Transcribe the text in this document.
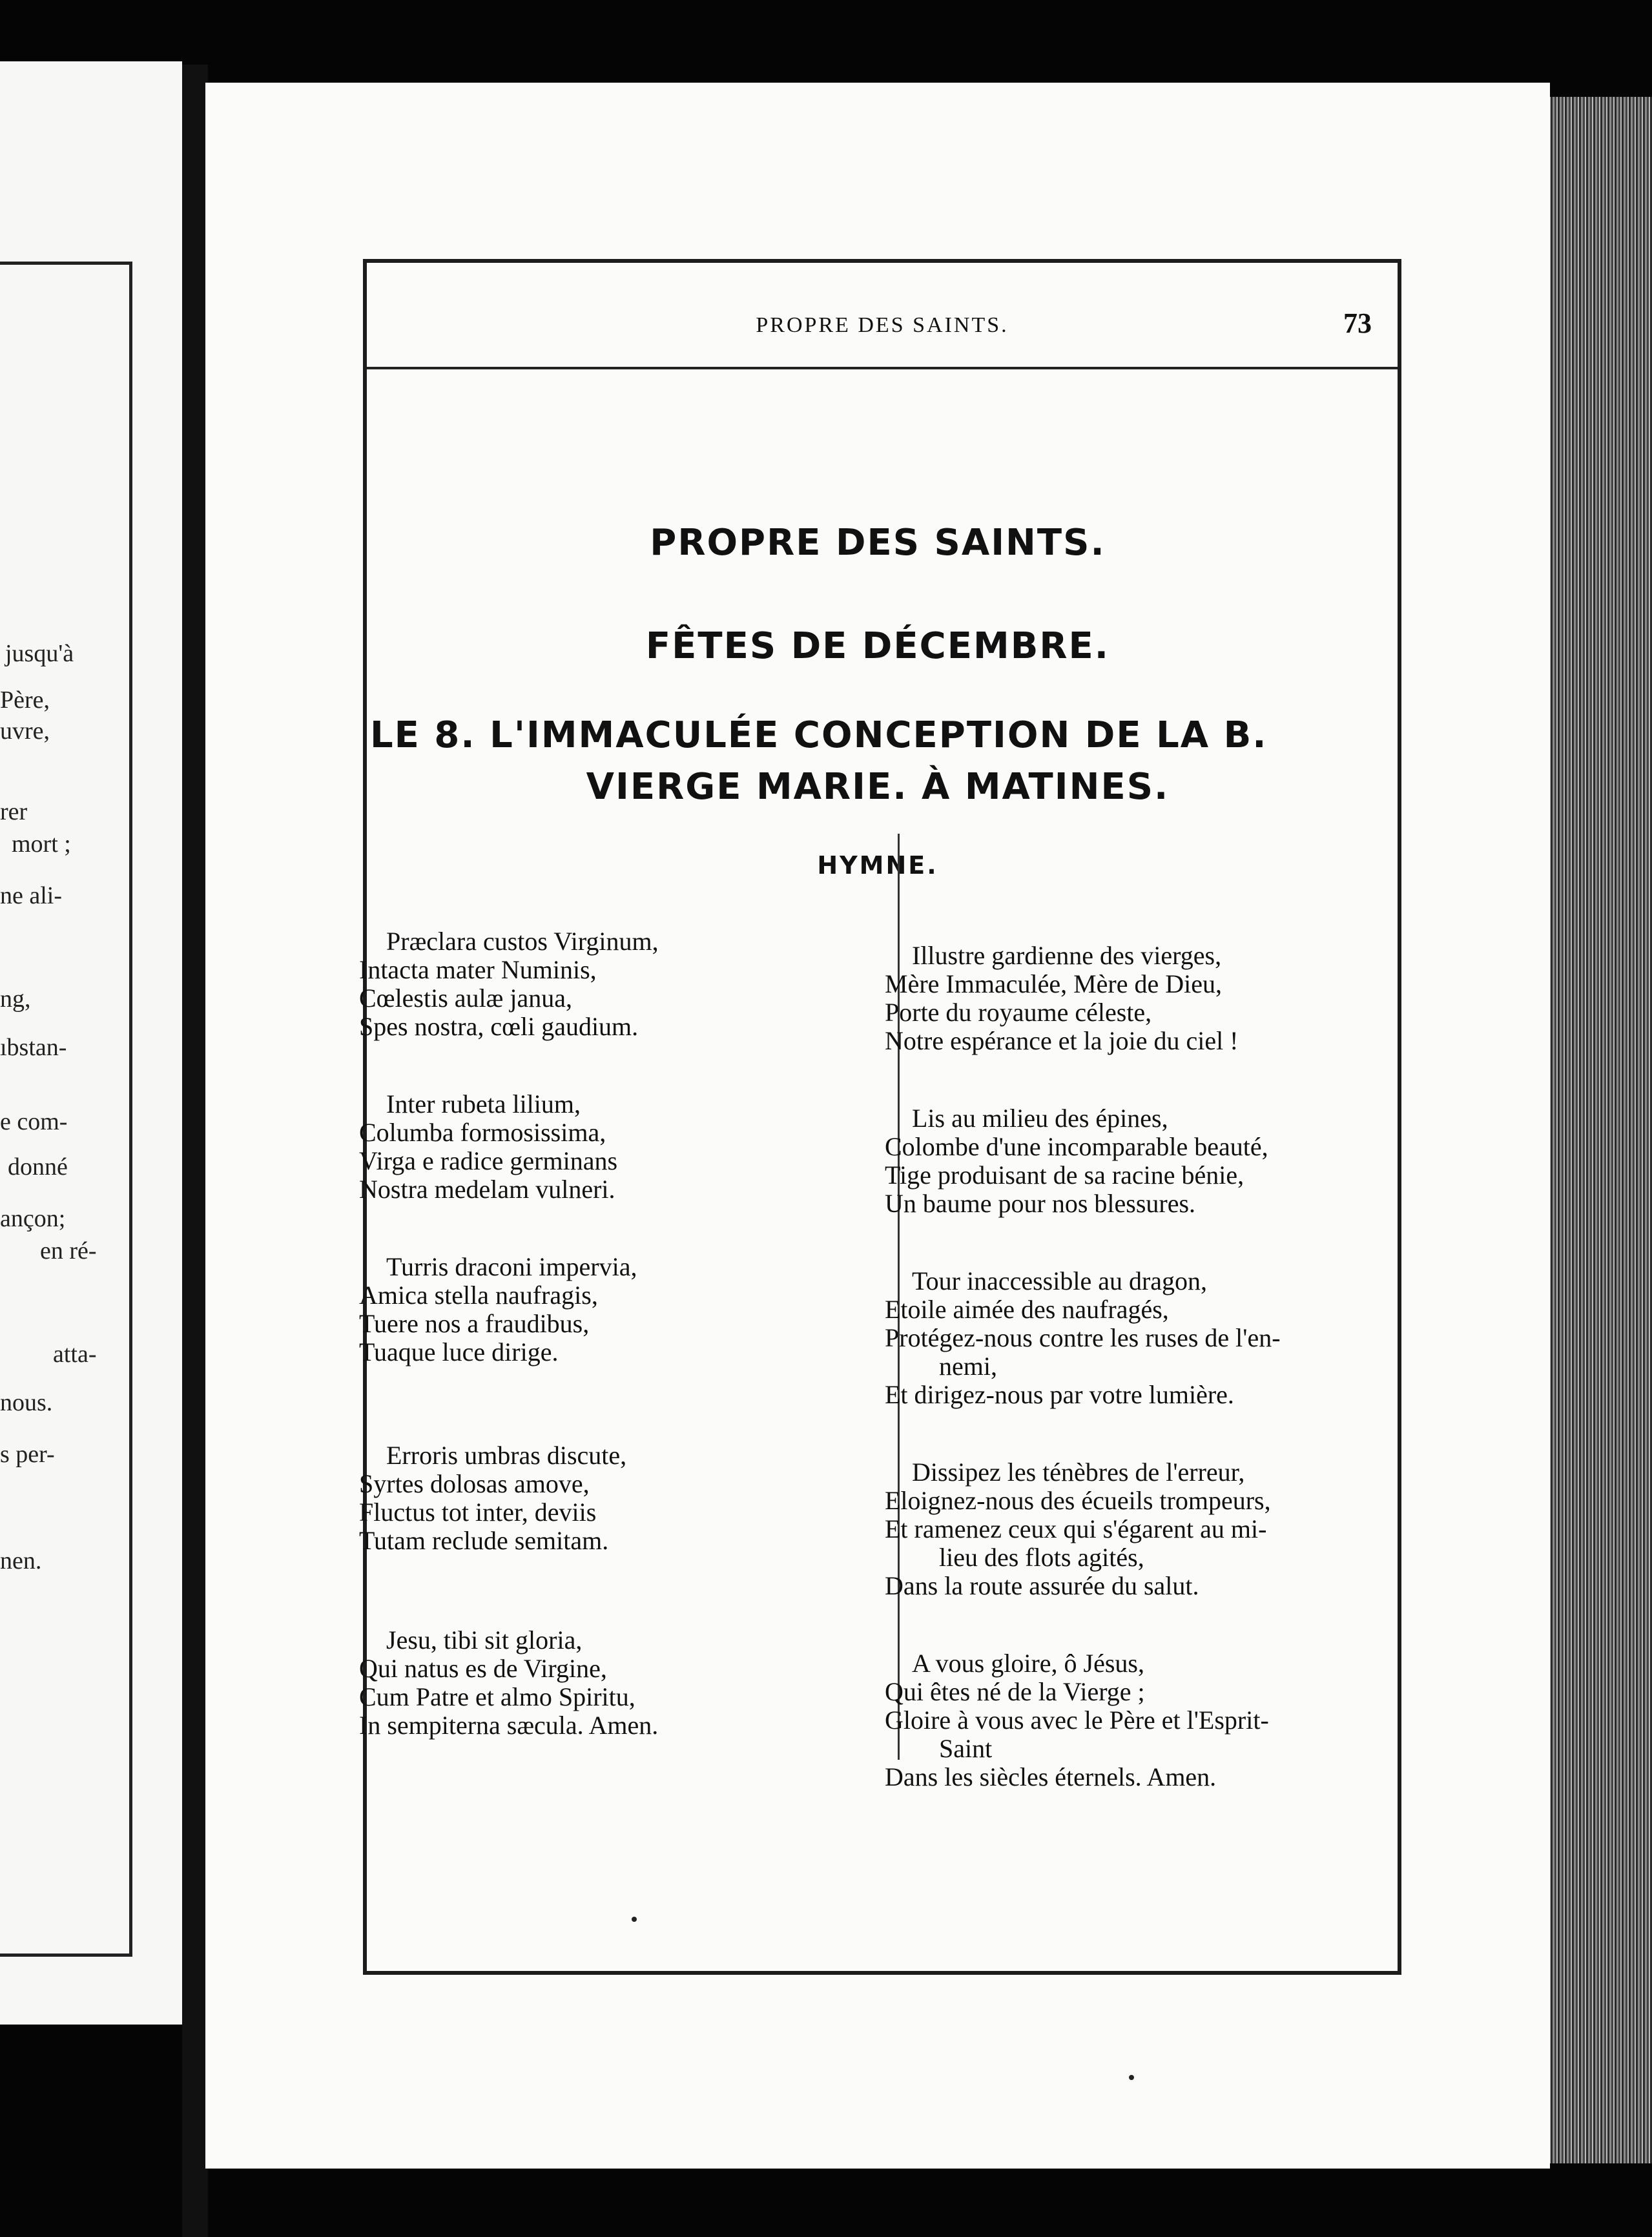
jusqu'à
Père,
uvre,
rer
mort ;
ne ali-
ng,
ıbstan-
e com-
donné
ançon;
en ré-
atta-
nous.
s per-
nen.
PROPRE DES SAINTS.	73
PROPRE DES SAINTS.
FÊTES DE DÉCEMBRE.
LE 8. L'IMMACULÉE CONCEPTION DE LA B.
VIERGE MARIE. À MATINES.
HYMNE.
Præclara custos Virginum,
Intacta mater Numinis,
Cœlestis aulæ janua,
Spes nostra, cœli gaudium.
Inter rubeta lilium,
Columba formosissima,
Virga e radice germinans
Nostra medelam vulneri.
Turris draconi impervia,
Amica stella naufragis,
Tuere nos a fraudibus,
Tuaque luce dirige.
Erroris umbras discute,
Syrtes dolosas amove,
Fluctus tot inter, deviis
Tutam reclude semitam.
Jesu, tibi sit gloria,
Qui natus es de Virgine,
Cum Patre et almo Spiritu,
In sempiterna sæcula. Amen.
Illustre gardienne des vierges,
Mère Immaculée, Mère de Dieu,
Porte du royaume céleste,
Notre espérance et la joie du ciel !
Lis au milieu des épines,
Colombe d'une incomparable beauté,
Tige produisant de sa racine bénie,
Un baume pour nos blessures.
Tour inaccessible au dragon,
Etoile aimée des naufragés,
Protégez-nous contre les ruses de l'en-
nemi,
Et dirigez-nous par votre lumière.
Dissipez les ténèbres de l'erreur,
Eloignez-nous des écueils trompeurs,
Et ramenez ceux qui s'égarent au mi-
lieu des flots agités,
Dans la route assurée du salut.
A vous gloire, ô Jésus,
Qui êtes né de la Vierge ;
Gloire à vous avec le Père et l'Esprit-
Saint
Dans les siècles éternels. Amen.
